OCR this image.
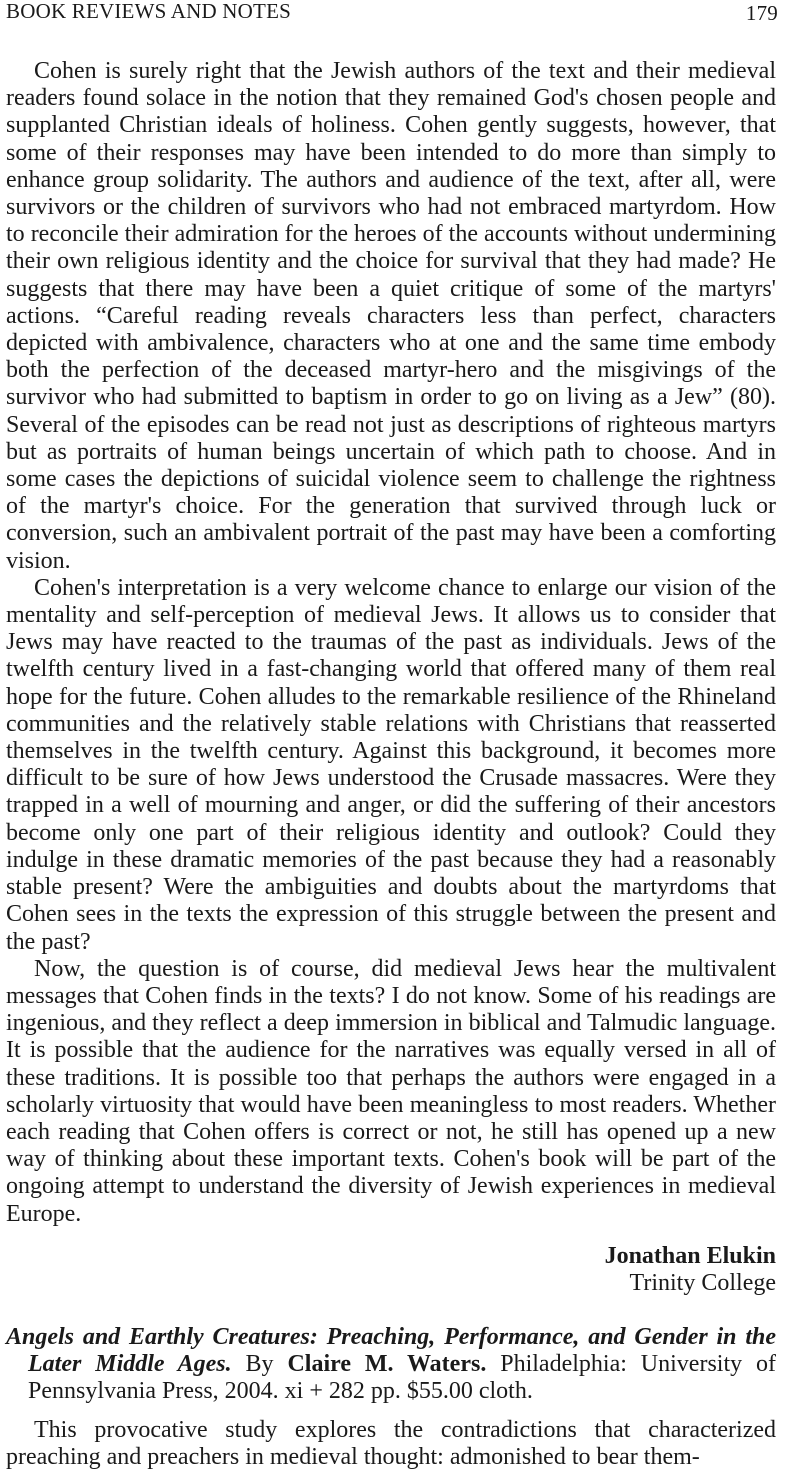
BOOK REVIEWS AND NOTES	179

Cohen is surely right that the Jewish authors of the text and their medieval readers found solace in the notion that they remained God's chosen people and supplanted Christian ideals of holiness. Cohen gently suggests, however, that some of their responses may have been intended to do more than simply to enhance group solidarity. The authors and audience of the text, after all, were survivors or the children of survivors who had not embraced martyrdom. How to reconcile their admiration for the heroes of the accounts without undermining their own religious identity and the choice for survival that they had made? He suggests that there may have been a quiet critique of some of the martyrs' actions. “Careful reading reveals characters less than perfect, characters depicted with ambivalence, characters who at one and the same time embody both the perfection of the deceased martyr-hero and the misgivings of the survivor who had submitted to baptism in order to go on living as a Jew” (80). Several of the episodes can be read not just as descriptions of righteous martyrs but as portraits of human beings uncertain of which path to choose. And in some cases the depictions of suicidal violence seem to challenge the rightness of the martyr's choice. For the generation that survived through luck or conversion, such an ambivalent portrait of the past may have been a comforting vision.

Cohen's interpretation is a very welcome chance to enlarge our vision of the mentality and self-perception of medieval Jews. It allows us to consider that Jews may have reacted to the traumas of the past as individuals. Jews of the twelfth century lived in a fast-changing world that offered many of them real hope for the future. Cohen alludes to the remarkable resilience of the Rhineland communities and the relatively stable relations with Christians that reasserted themselves in the twelfth century. Against this background, it becomes more difficult to be sure of how Jews understood the Crusade massacres. Were they trapped in a well of mourning and anger, or did the suffering of their ancestors become only one part of their religious identity and outlook? Could they indulge in these dramatic memories of the past because they had a reasonably stable present? Were the ambiguities and doubts about the martyrdoms that Cohen sees in the texts the expression of this struggle between the present and the past?

Now, the question is of course, did medieval Jews hear the multivalent messages that Cohen finds in the texts? I do not know. Some of his readings are ingenious, and they reflect a deep immersion in biblical and Talmudic language. It is possible that the audience for the narratives was equally versed in all of these traditions. It is possible too that perhaps the authors were engaged in a scholarly virtuosity that would have been meaningless to most readers. Whether each reading that Cohen offers is correct or not, he still has opened up a new way of thinking about these important texts. Cohen's book will be part of the ongoing attempt to understand the diversity of Jewish experiences in medieval Europe.

Jonathan Elukin
Trinity College
Angels and Earthly Creatures: Preaching, Performance, and Gender in the Later Middle Ages. By Claire M. Waters. Philadelphia: University of Pennsylvania Press, 2004. xi + 282 pp. $55.00 cloth.

This provocative study explores the contradictions that characterized preaching and preachers in medieval thought: admonished to bear them-
